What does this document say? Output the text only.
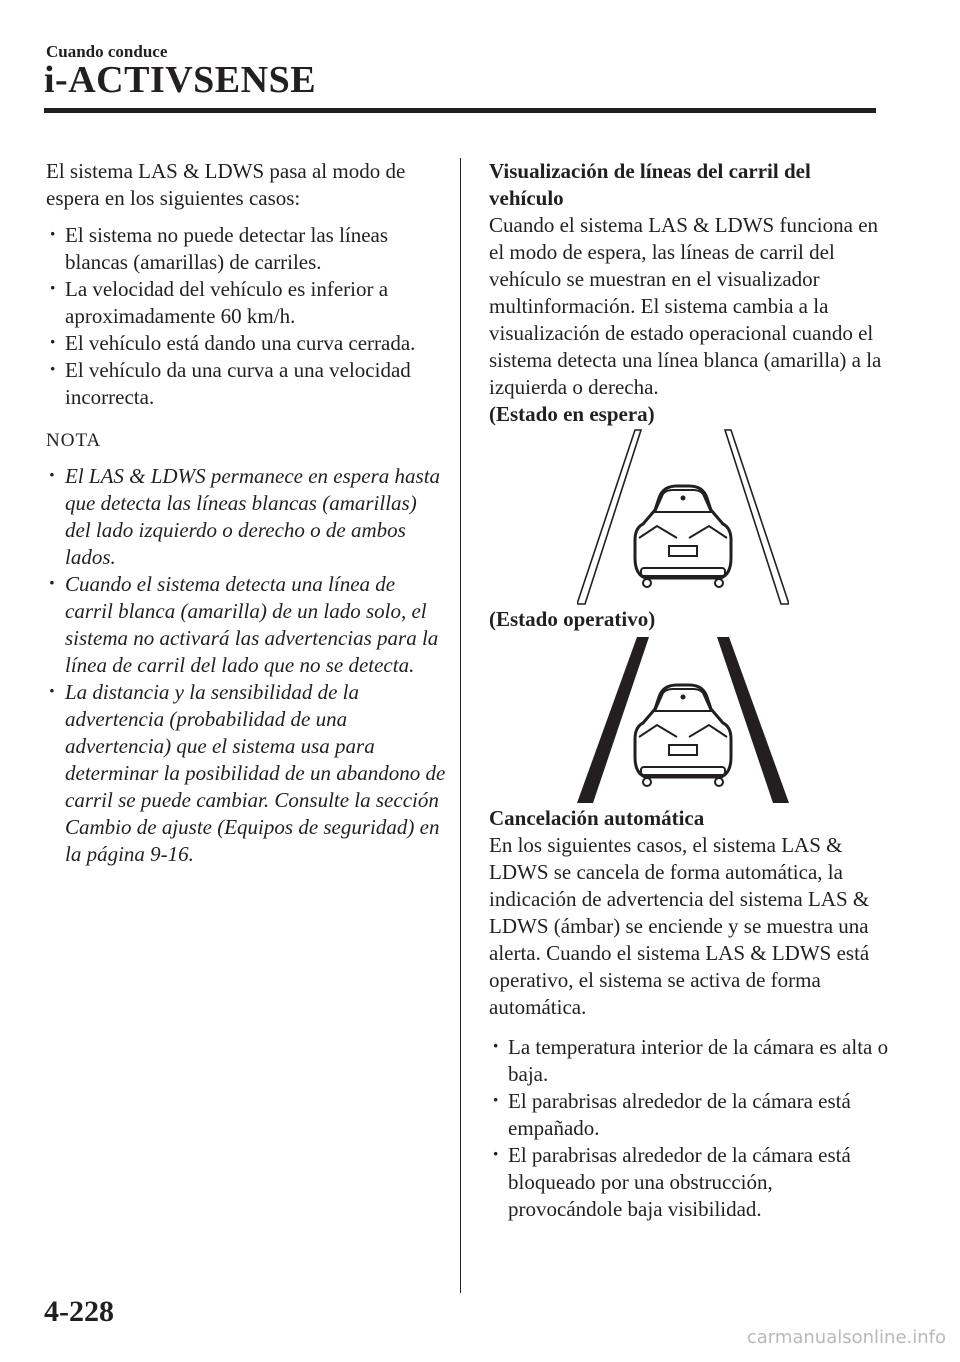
Cuando conduce
i-ACTIVSENSE

El sistema LAS & LDWS pasa al modo de espera en los siguientes casos:

· El sistema no puede detectar las líneas blancas (amarillas) de carriles.
· La velocidad del vehículo es inferior a aproximadamente 60 km/h.
· El vehículo está dando una curva cerrada.
· El vehículo da una curva a una velocidad incorrecta.

NOTA

· El LAS & LDWS permanece en espera hasta que detecta las líneas blancas (amarillas) del lado izquierdo o derecho o de ambos lados.
· Cuando el sistema detecta una línea de carril blanca (amarilla) de un lado solo, el sistema no activará las advertencias para la línea de carril del lado que no se detecta.
· La distancia y la sensibilidad de la advertencia (probabilidad de una advertencia) que el sistema usa para determinar la posibilidad de un abandono de carril se puede cambiar. Consulte la sección Cambio de ajuste (Equipos de seguridad) en la página 9-16.

Visualización de líneas del carril del vehículo

Cuando el sistema LAS & LDWS funciona en el modo de espera, las líneas de carril del vehículo se muestran en el visualizador multinformación. El sistema cambia a la visualización de estado operacional cuando el sistema detecta una línea blanca (amarilla) a la izquierda o derecha.

(Estado en espera)

(Estado operativo)

Cancelación automática

En los siguientes casos, el sistema LAS & LDWS se cancela de forma automática, la indicación de advertencia del sistema LAS & LDWS (ámbar) se enciende y se muestra una alerta. Cuando el sistema LAS & LDWS está operativo, el sistema se activa de forma automática.

· La temperatura interior de la cámara es alta o baja.
· El parabrisas alrededor de la cámara está empañado.
· El parabrisas alrededor de la cámara está bloqueado por una obstrucción, provocándole baja visibilidad.
4-228
carmanualsonline.info
